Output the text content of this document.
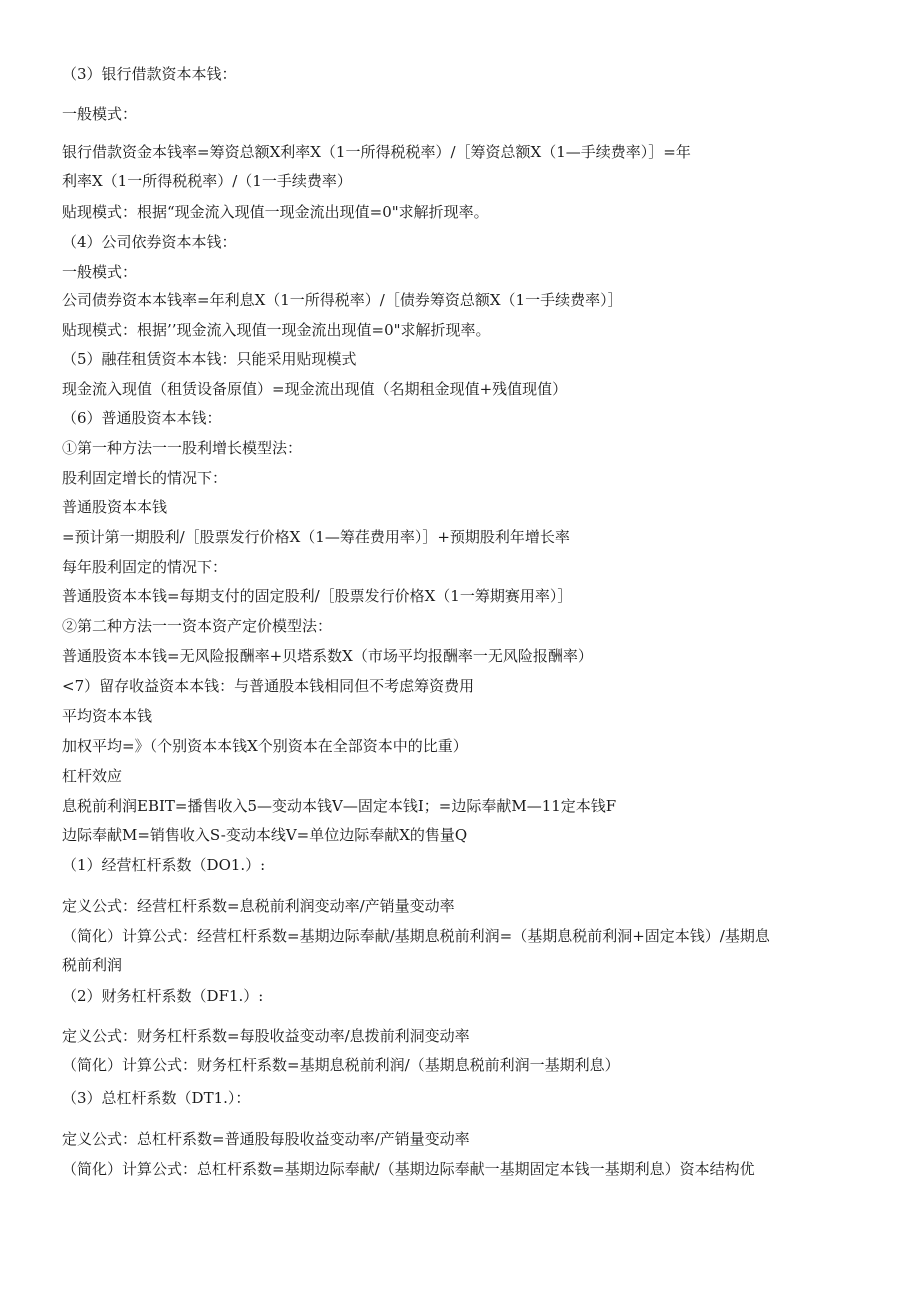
（3）银行借款资本本钱：
一般模式：
银行借款资金本钱率=筹资总额X利率X（1一所得税税率）/［筹资总额X（1—手续费率）］=年
利率X（1一所得税税率）/（1一手续费率）
贴现模式：根据“现金流入现值一现金流出现值=0"求解折现率。
（4）公司依券资本本钱：
一般模式：
公司债券资本本钱率=年利息X（1一所得税率）/［债券筹资总额X（1一手续费率）］
贴现模式：根据’’现金流入现值一现金流出现值=0"求解折现率。
（5）融荏租赁资本本钱：只能采用贴现模式
现金流入现值（租赁设备原值）=现金流出现值（名期租金现值+残值现值）
（6）普通股资本本钱：
①第一种方法一一股利增长模型法：
股利固定增长的情况下：
普通股资本本钱
=预计第一期股利/［股票发行价格X（1—筹荏费用率）］+预期股利年增长率
每年股利固定的情况下：
普通股资本本钱=每期支付的固定股利/［股票发行价格X（1一筹期赛用率）］
②第二种方法一一资本资产定价模型法：
普通股资本本钱=无风险报酬率+贝塔系数X（市场平均报酬率一无风险报酬率）
<7）留存收益资本本钱：与普通股本钱相同但不考虑筹资费用
平均资本本钱
加权平均=》（个别资本本钱X个别资本在全部资本中的比重）
杠杆效应
息税前利润EBIT=播售收入5—变动本钱V—固定本钱I；=边际奉献M—11定本钱F
边际奉献M=销售收入S-变动本线V=单位边际奉献X的售量Q
（1）经营杠杆系数（DO1.）:
定义公式：经营杠杆系数=息税前利润变动率/产销量变动率
（简化）计算公式：经营杠杆系数=基期边际奉献/基期息税前利润=（基期息税前利洞+固定本钱）/基期息
税前利润
（2）财务杠杆系数（DF1.）:
定义公式：财务杠杆系数=每股收益变动率/息拨前利洞变动率
（简化）计算公式：财务杠杆系数=基期息税前利润/（基期息税前利润一基期利息）
（3）总杠杆系数（DT1.）：
定义公式：总杠杆系数=普通股每股收益变动率/产销量变动率
（简化）计算公式：总杠杆系数=基期边际奉献/（基期边际奉献一基期固定本钱一基期利息）资本结构优
